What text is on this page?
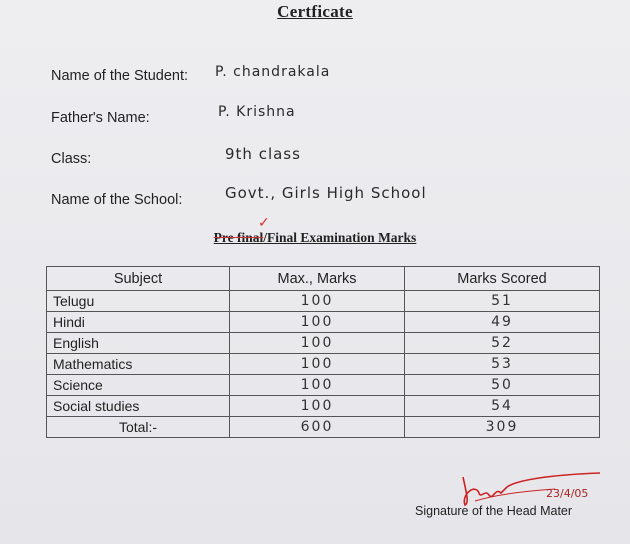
Certficate
Name of the Student: P. chandrakala
Father's Name:	P. Krishna
Class:	9th class
Name of the School:	Govt., Girls High School
✓
Pre final/Final Examination Marks
Subject	Max., Marks	Marks Scored
Telugu	100	51
Hindi	100	49
English	100	52
Mathematics	100	53
Science	100	50
Social studies	100	54
Total:-	600	309
23/4/05
Signature of the Head Mater
